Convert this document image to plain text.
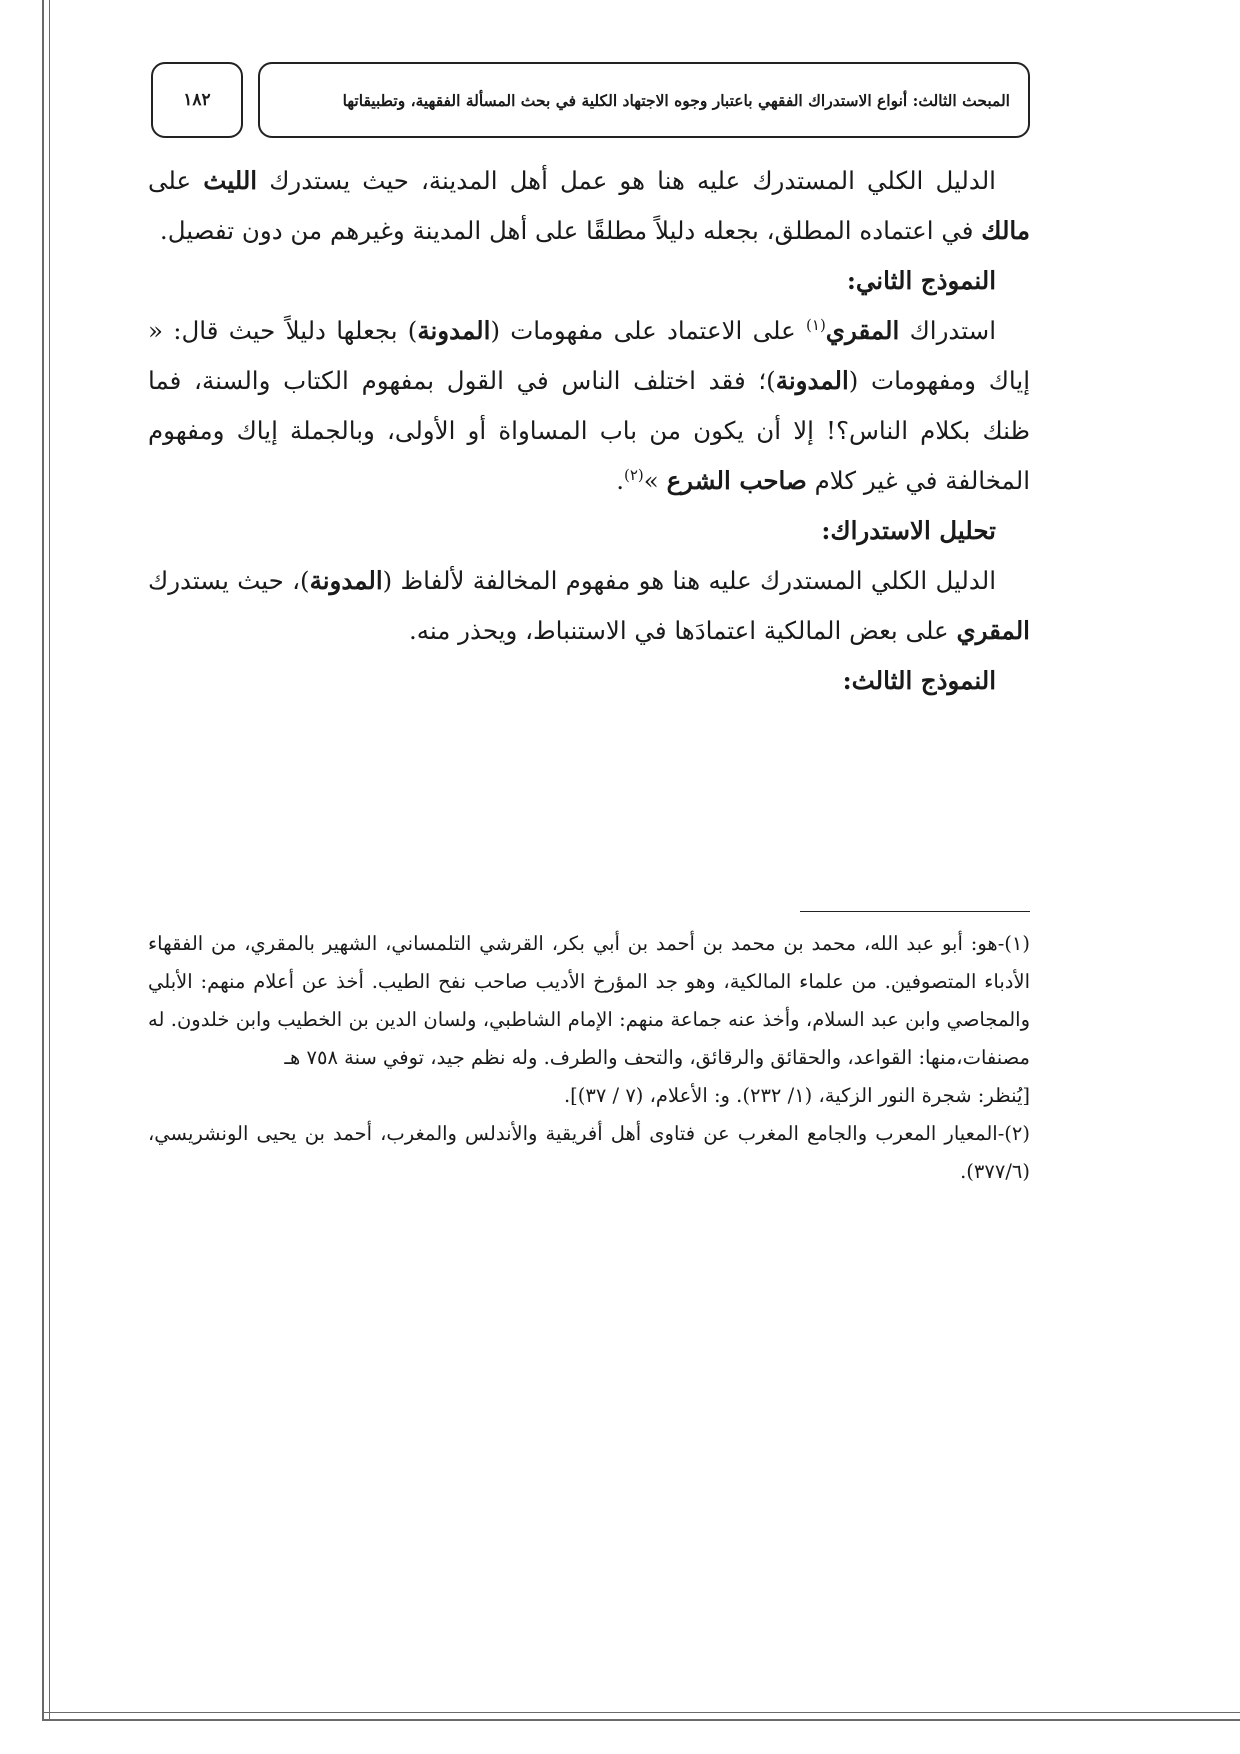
المبحث الثالث: أنواع الاستدراك الفقهي باعتبار وجوه الاجتهاد الكلية في بحث المسألة الفقهية، وتطبيقاتها
١٨٢

الدليل الكلي المستدرك عليه هنا هو عمل أهل المدينة، حيث يستدرك الليث على مالك في اعتماده المطلق، بجعله دليلاً مطلقًا على أهل المدينة وغيرهم من دون تفصيل.

النموذج الثاني:

استدراك المقري$^{(١)}$ على الاعتماد على مفهومات (المدونة) بجعلها دليلاً حيث قال: « إياك ومفهومات (المدونة)؛ فقد اختلف الناس في القول بمفهوم الكتاب والسنة، فما ظنك بكلام الناس؟! إلا أن يكون من باب المساواة أو الأولى، وبالجملة إياك ومفهوم المخالفة في غير كلام صاحب الشرع »$^{(٢)}$.

تحليل الاستدراك:

الدليل الكلي المستدرك عليه هنا هو مفهوم المخالفة لألفاظ (المدونة)، حيث يستدرك المقري على بعض المالكية اعتمادَها في الاستنباط، ويحذر منه.

النموذج الثالث:

(١)-هو: أبو عبد الله، محمد بن محمد بن أحمد بن أبي بكر، القرشي التلمساني، الشهير بالمقري، من الفقهاء الأدباء المتصوفين. من علماء المالكية، وهو جد المؤرخ الأديب صاحب نفح الطيب. أخذ عن أعلام منهم: الأبلي والمجاصي وابن عبد السلام، وأخذ عنه جماعة منهم: الإمام الشاطبي، ولسان الدين بن الخطيب وابن خلدون. له مصنفات،منها: القواعد، والحقائق والرقائق، والتحف والطرف. وله نظم جيد، توفي سنة ٧٥٨ هـ

[يُنظر: شجرة النور الزكية، (١/ ٢٣٢). و: الأعلام، (٧ / ٣٧)].

(٢)-المعيار المعرب والجامع المغرب عن فتاوى أهل أفريقية والأندلس والمغرب، أحمد بن يحيى الونشريسي، (٣٧٧/٦).
